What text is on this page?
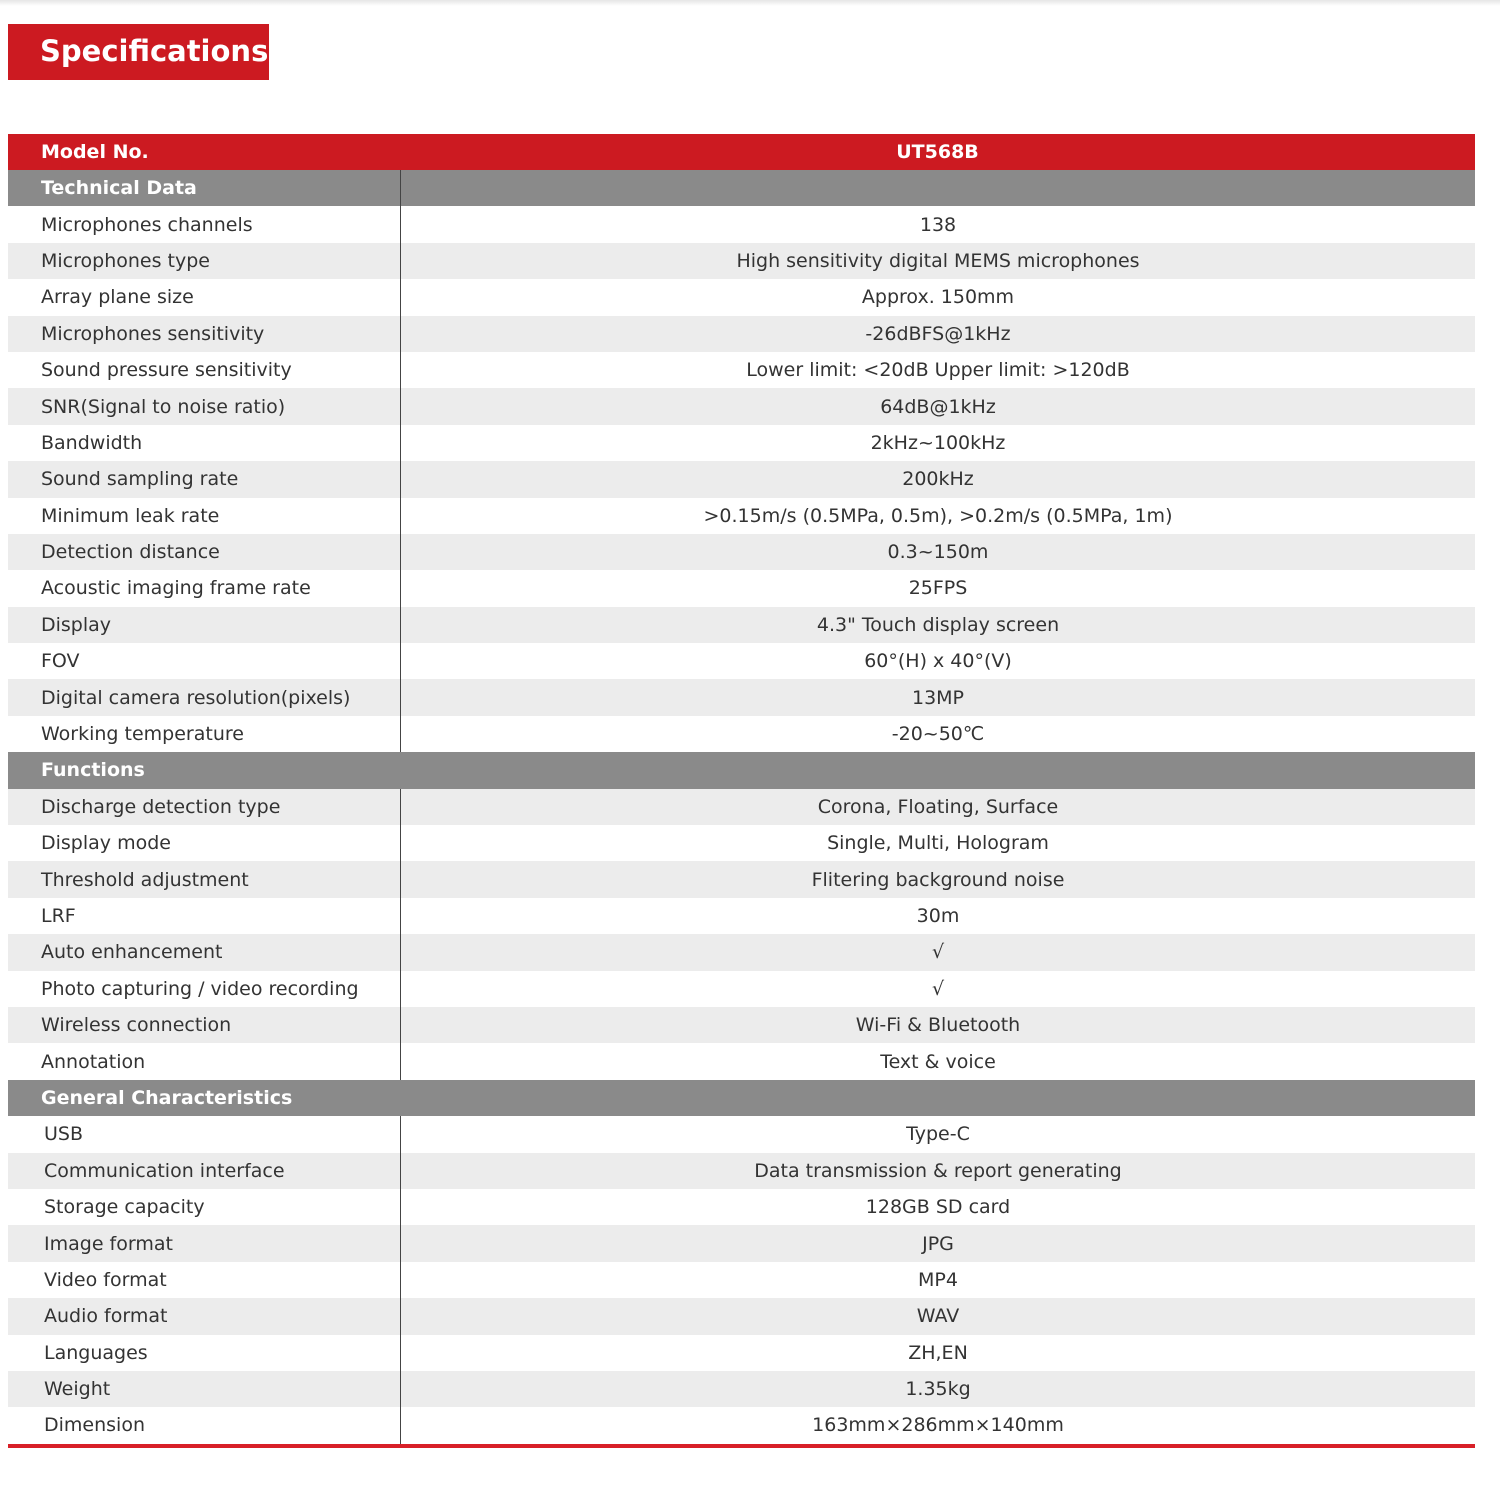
Specifications
Model No.	UT568B
Technical Data
Microphones channels	138
Microphones type	High sensitivity digital MEMS microphones
Array plane size	Approx. 150mm
Microphones sensitivity	-26dBFS@1kHz
Sound pressure sensitivity	Lower limit: <20dB Upper limit: >120dB
SNR(Signal to noise ratio)	64dB@1kHz
Bandwidth	2kHz~100kHz
Sound sampling rate	200kHz
Minimum leak rate	>0.15m/s (0.5MPa, 0.5m), >0.2m/s (0.5MPa, 1m)
Detection distance	0.3~150m
Acoustic imaging frame rate	25FPS
Display	4.3" Touch display screen
FOV	60°(H) x 40°(V)
Digital camera resolution(pixels)	13MP
Working temperature	-20~50℃
Functions
Discharge detection type	Corona, Floating, Surface
Display mode	Single, Multi, Hologram
Threshold adjustment	Flitering background noise
LRF	30m
Auto enhancement	√
Photo capturing / video recording	√
Wireless connection	Wi-Fi & Bluetooth
Annotation	Text & voice
General Characteristics
USB	Type-C
Communication interface	Data transmission & report generating
Storage capacity	128GB SD card
Image format	JPG
Video format	MP4
Audio format	WAV
Languages	ZH,EN
Weight	1.35kg
Dimension	163mm×286mm×140mm
